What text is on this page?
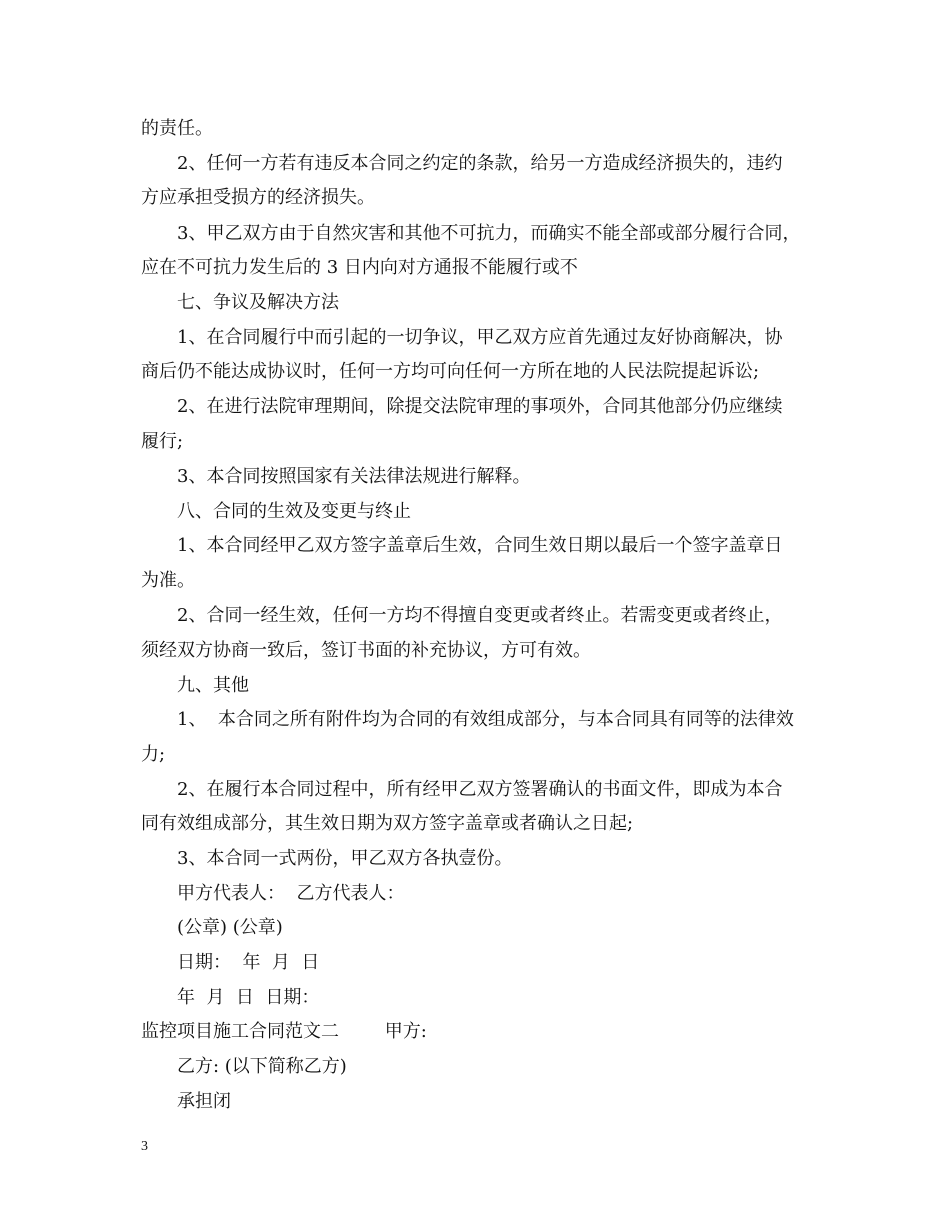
的责任。
2、任何一方若有违反本合同之约定的条款，给另一方造成经济损失的，违约
方应承担受损方的经济损失。
3、甲乙双方由于自然灾害和其他不可抗力，而确实不能全部或部分履行合同，
应在不可抗力发生后的 3 日内向对方通报不能履行或不
七、争议及解决方法
1、在合同履行中而引起的一切争议，甲乙双方应首先通过友好协商解决，协
商后仍不能达成协议时，任何一方均可向任何一方所在地的人民法院提起诉讼;
2、在进行法院审理期间，除提交法院审理的事项外，合同其他部分仍应继续
履行;
3、本合同按照国家有关法律法规进行解释。
八、合同的生效及变更与终止
1、本合同经甲乙双方签字盖章后生效，合同生效日期以最后一个签字盖章日
为准。
2、合同一经生效，任何一方均不得擅自变更或者终止。若需变更或者终止，
须经双方协商一致后，签订书面的补充协议，方可有效。
九、其他
1、  本合同之所有附件均为合同的有效组成部分，与本合同具有同等的法律效
力;
2、在履行本合同过程中，所有经甲乙双方签署确认的书面文件，即成为本合
同有效组成部分，其生效日期为双方签字盖章或者确认之日起;
3、本合同一式两份，甲乙双方各执壹份。
甲方代表人：  乙方代表人：
(公章) (公章)
日期：  年  月  日
年  月  日  日期：
监控项目施工合同范文二        甲方:
乙方: (以下简称乙方)
承担闭
3
